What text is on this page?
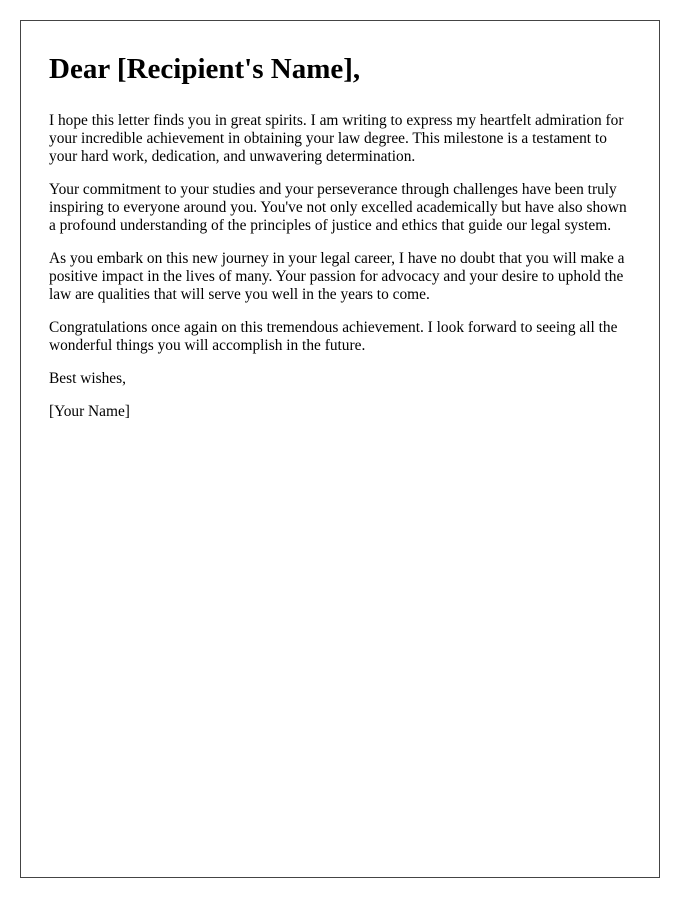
Dear [Recipient's Name],

I hope this letter finds you in great spirits. I am writing to express my heartfelt admiration for your incredible achievement in obtaining your law degree. This milestone is a testament to your hard work, dedication, and unwavering determination.

Your commitment to your studies and your perseverance through challenges have been truly inspiring to everyone around you. You've not only excelled academically but have also shown a profound understanding of the principles of justice and ethics that guide our legal system.

As you embark on this new journey in your legal career, I have no doubt that you will make a positive impact in the lives of many. Your passion for advocacy and your desire to uphold the law are qualities that will serve you well in the years to come.

Congratulations once again on this tremendous achievement. I look forward to seeing all the wonderful things you will accomplish in the future.

Best wishes,

[Your Name]
